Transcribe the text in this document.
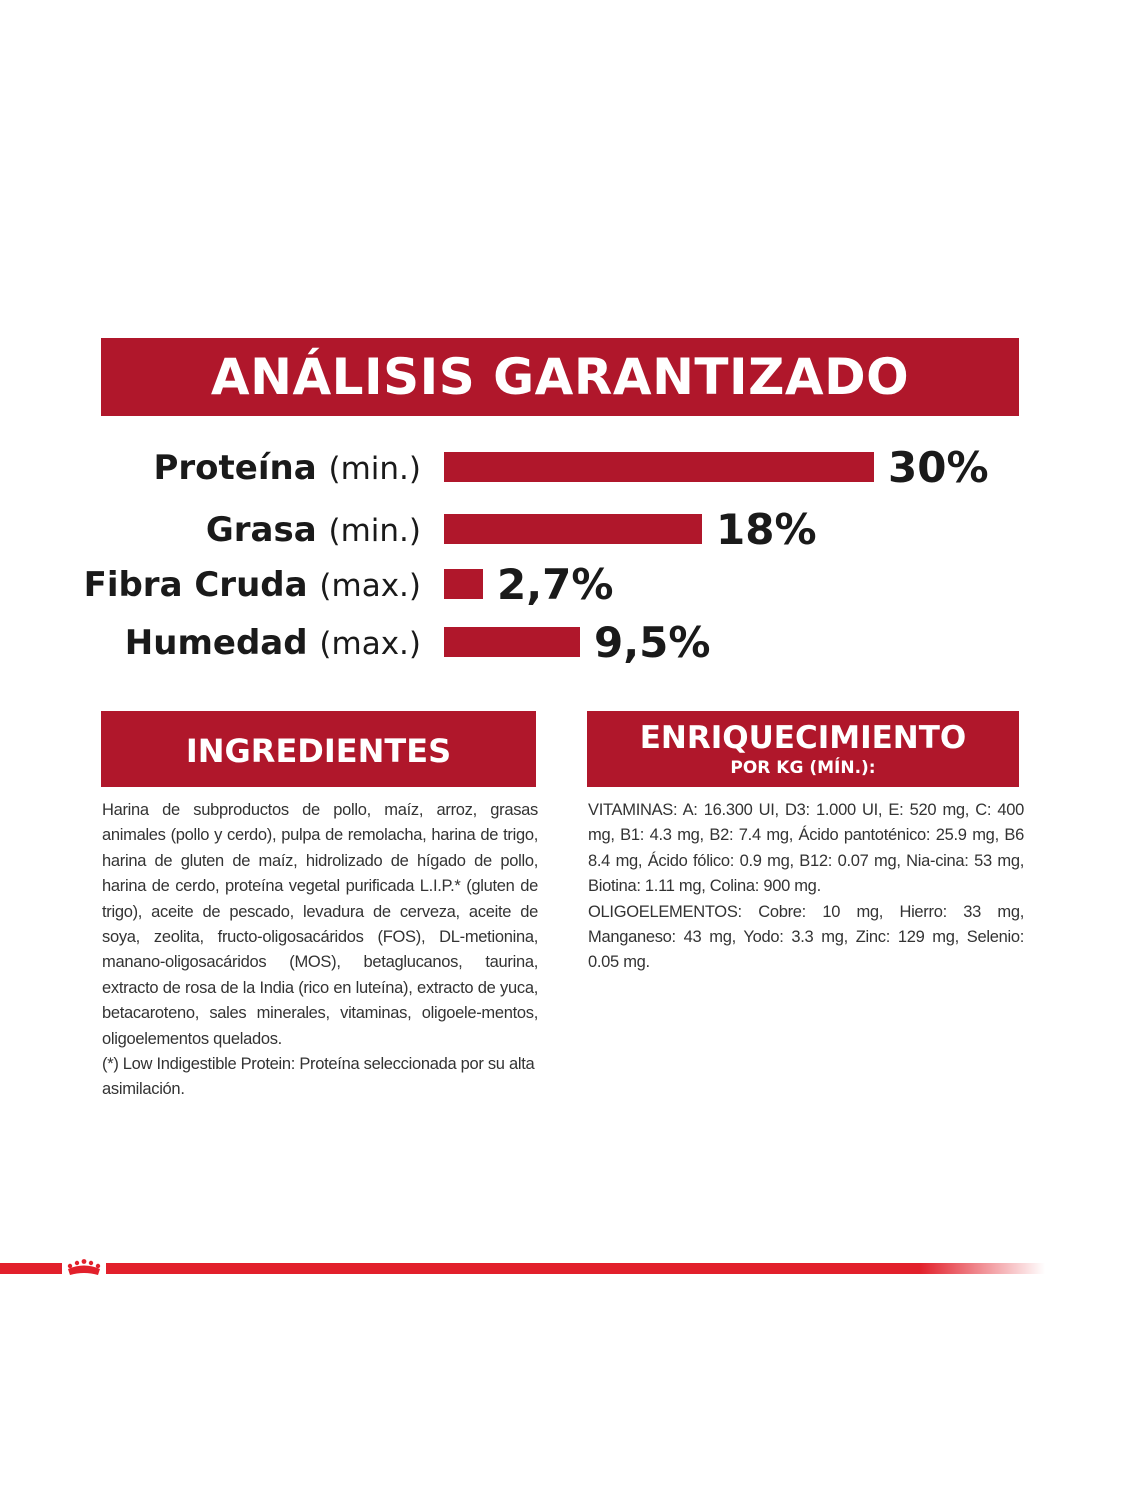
ANÁLISIS GARANTIZADO
Proteína (min.)	30%
Grasa (min.)	18%
Fibra Cruda (max.) 2,7%
Humedad (max.)	9,5%
INGREDIENTES	ENRIQUECIMIENTO
POR KG (MÍN.):

Harina de subproductos de pollo, maíz, arroz, grasas animales (pollo y cerdo), pulpa de remolacha, harina de trigo, harina de gluten de maíz, hidrolizado de hígado de pollo, harina de cerdo, proteína vegetal purificada L.I.P.* (gluten de trigo), aceite de pescado, levadura de cerveza, aceite de soya, zeolita, fructo-oligosacáridos (FOS), DL-metionina, manano-oligosacáridos (MOS), betaglucanos, taurina, extracto de rosa de la India (rico en luteína), extracto de yuca, betacaroteno, sales minerales, vitaminas, oligoele-mentos, oligoelementos quelados.

(*) Low Indigestible Protein: Proteína seleccionada por su alta asimilación.

VITAMINAS: A: 16.300 UI, D3: 1.000 UI, E: 520 mg, C: 400 mg, B1: 4.3 mg, B2: 7.4 mg, Ácido pantoténico: 25.9 mg, B6 8.4 mg, Ácido fólico: 0.9 mg, B12: 0.07 mg, Nia-cina: 53 mg, Biotina: 1.11 mg, Colina: 900 mg.

OLIGOELEMENTOS: Cobre: 10 mg, Hierro: 33 mg, Manganeso: 43 mg, Yodo: 3.3 mg, Zinc: 129 mg, Selenio: 0.05 mg.
